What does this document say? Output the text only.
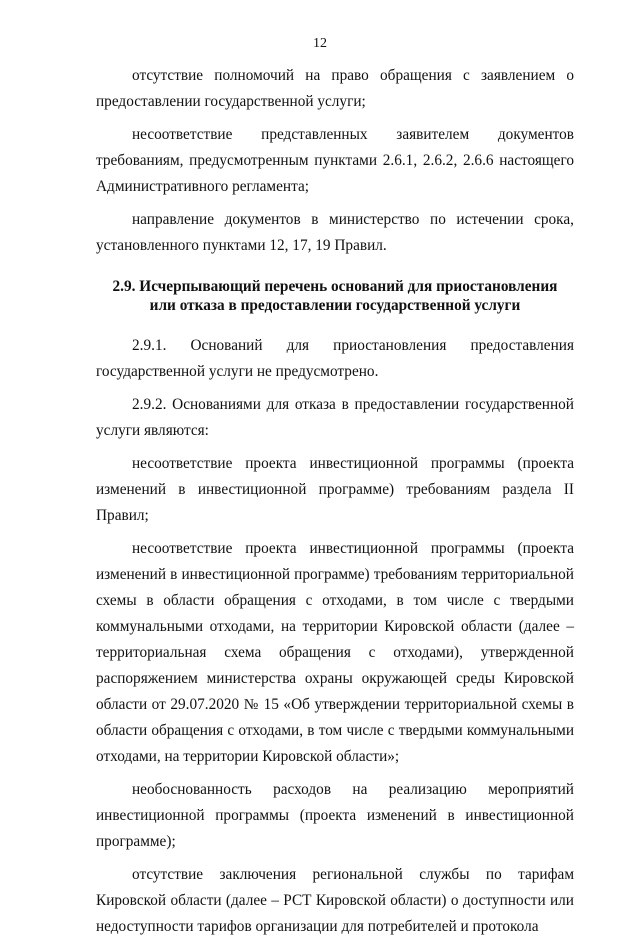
12

отсутствие полномочий на право обращения с заявлением о предоставлении государственной услуги;

несоответствие представленных заявителем документов требованиям, предусмотренным пунктами 2.6.1, 2.6.2, 2.6.6 настоящего Административного регламента;

направление документов в министерство по истечении срока, установленного пунктами 12, 17, 19 Правил.

2.9. Исчерпывающий перечень оснований для приостановления
или отказа в предоставлении государственной услуги

2.9.1. Оснований для приостановления предоставления государственной услуги не предусмотрено.

2.9.2. Основаниями для отказа в предоставлении государственной услуги являются:

несоответствие проекта инвестиционной программы (проекта изменений в инвестиционной программе) требованиям раздела II Правил;

несоответствие проекта инвестиционной программы (проекта изменений в инвестиционной программе) требованиям территориальной схемы в области обращения с отходами, в том числе с твердыми коммунальными отходами, на территории Кировской области (далее – территориальная схема обращения с отходами), утвержденной распоряжением министерства охраны окружающей среды Кировской области от 29.07.2020 № 15 «Об утверждении территориальной схемы в области обращения с отходами, в том числе с твердыми коммунальными отходами, на территории Кировской области»;

необоснованность расходов на реализацию мероприятий инвестиционной программы (проекта изменений в инвестиционной программе);

отсутствие заключения региональной службы по тарифам Кировской области (далее – РСТ Кировской области) о доступности или недоступности тарифов организации для потребителей и протокола
